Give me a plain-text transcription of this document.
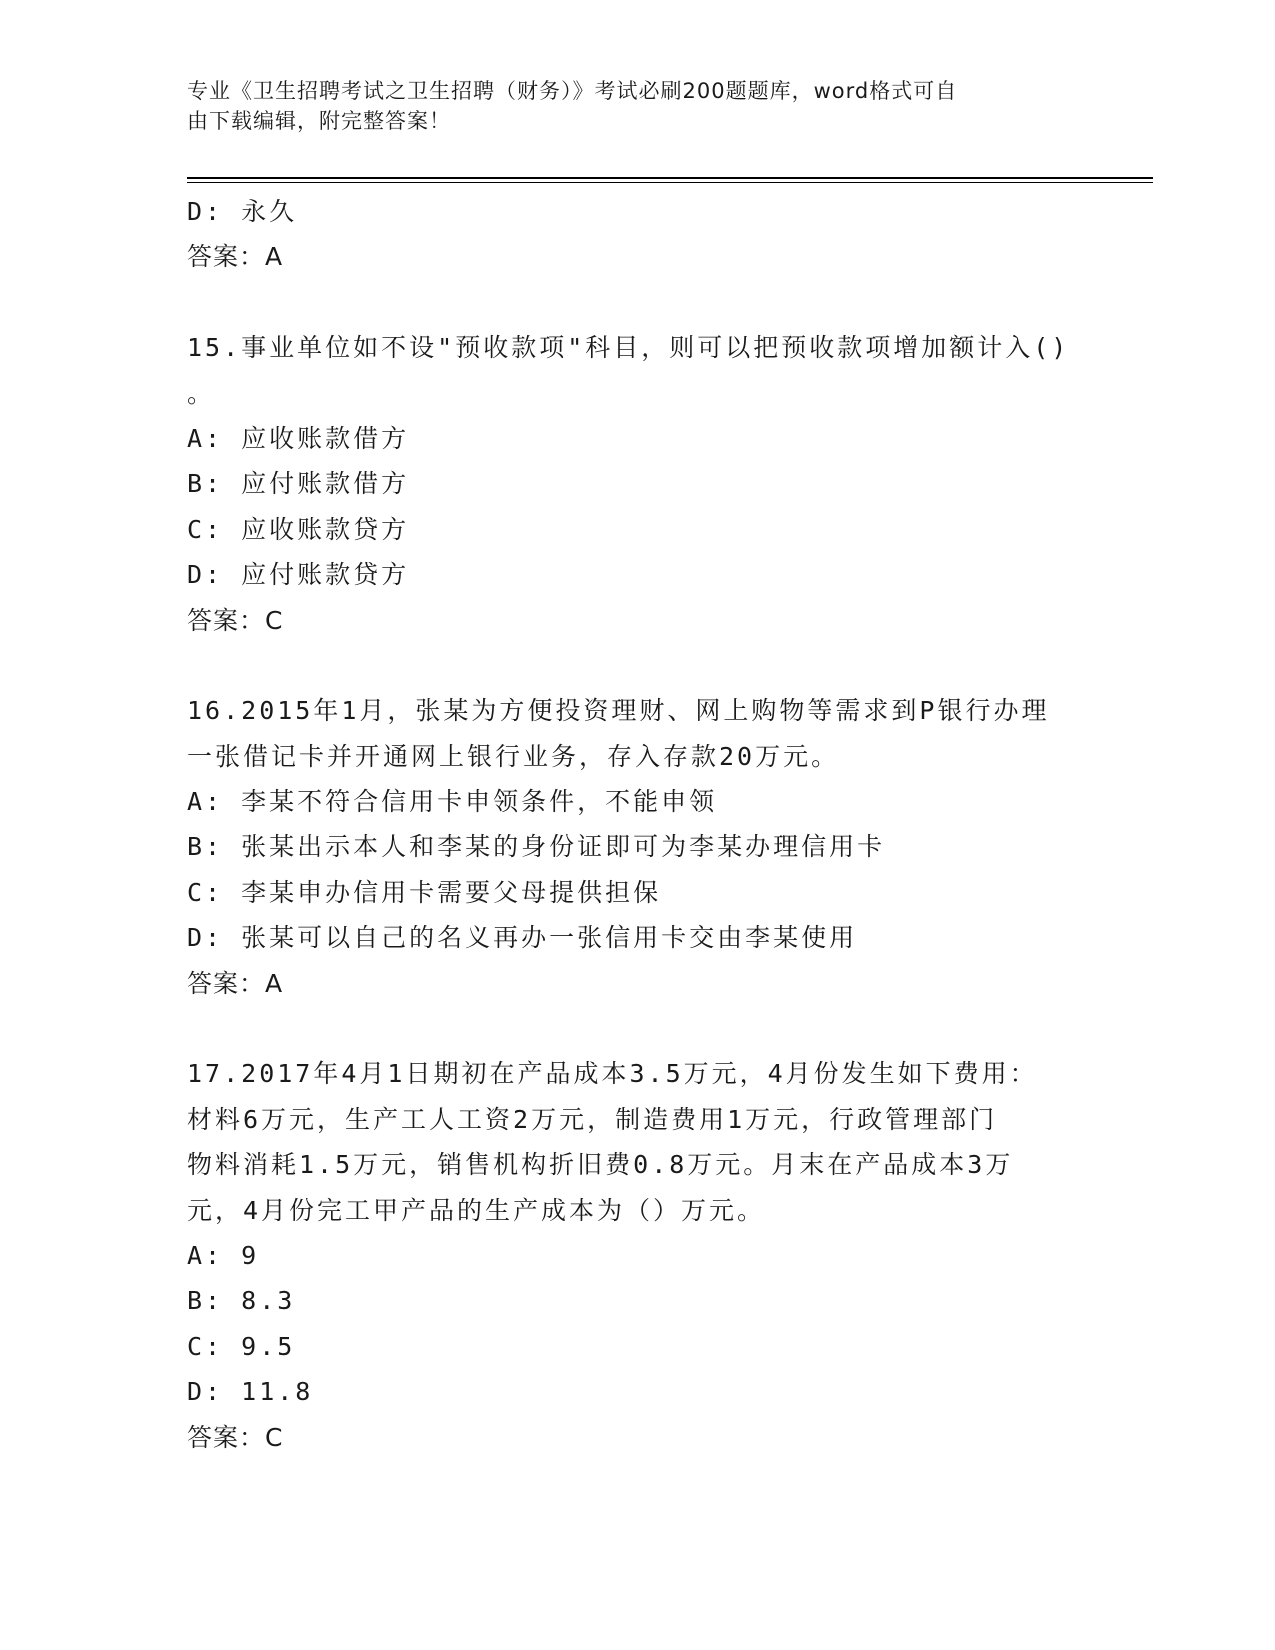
专业《卫生招聘考试之卫生招聘（财务）》考试必刷200题题库，word格式可自
由下载编辑，附完整答案！
D: 永久
答案：A
15.事业单位如不设"预收款项"科目，则可以把预收款项增加额计入()
。
A: 应收账款借方
B: 应付账款借方
C: 应收账款贷方
D: 应付账款贷方
答案：C
16.2015年1月，张某为方便投资理财、网上购物等需求到P银行办理
一张借记卡并开通网上银行业务，存入存款20万元。
A: 李某不符合信用卡申领条件，不能申领
B: 张某出示本人和李某的身份证即可为李某办理信用卡
C: 李某申办信用卡需要父母提供担保
D: 张某可以自己的名义再办一张信用卡交由李某使用
答案：A
17.2017年4月1日期初在产品成本3.5万元，4月份发生如下费用：
材料6万元，生产工人工资2万元，制造费用1万元，行政管理部门
物料消耗1.5万元，销售机构折旧费0.8万元。月末在产品成本3万
元，4月份完工甲产品的生产成本为（）万元。
A: 9
B: 8.3
C: 9.5
D: 11.8
答案：C
